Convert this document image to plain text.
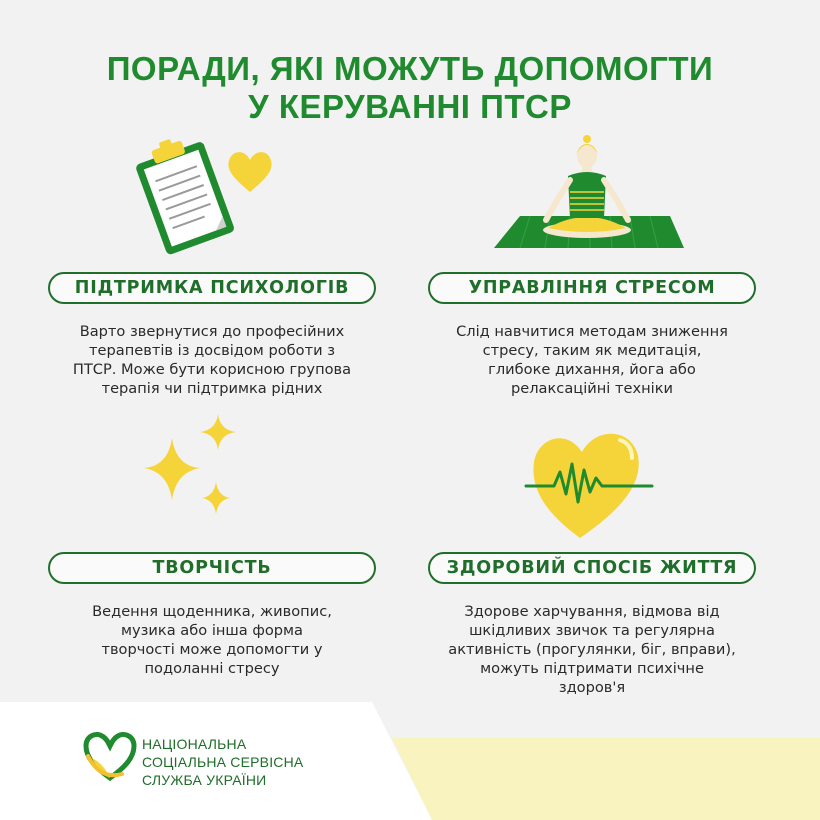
ПОРАДИ, ЯКІ МОЖУТЬ ДОПОМОГТИ
У КЕРУВАННІ ПТСР
ПІДТРИМКА ПСИХОЛОГІВ	УПРАВЛІННЯ СТРЕСОМ
ТВОРЧІСТЬ	ЗДОРОВИЙ СПОСІБ ЖИТТЯ
Варто звернутися до професійних
терапевтів із досвідом роботи з
ПТСР. Може бути корисною групова
терапія чи підтримка рідних
Слід навчитися методам зниження
стресу, таким як медитація,
глибоке дихання, йога або
релаксаційні техніки
Ведення щоденника, живопис,
музика або інша форма
творчості може допомогти у
подоланні стресу
Здорове харчування, відмова від
шкідливих звичок та регулярна
активність (прогулянки, біг, вправи),
можуть підтримати психічне
здоров'я
НАЦІОНАЛЬНА
СОЦІАЛЬНА СЕРВІСНА
СЛУЖБА УКРАЇНИ
